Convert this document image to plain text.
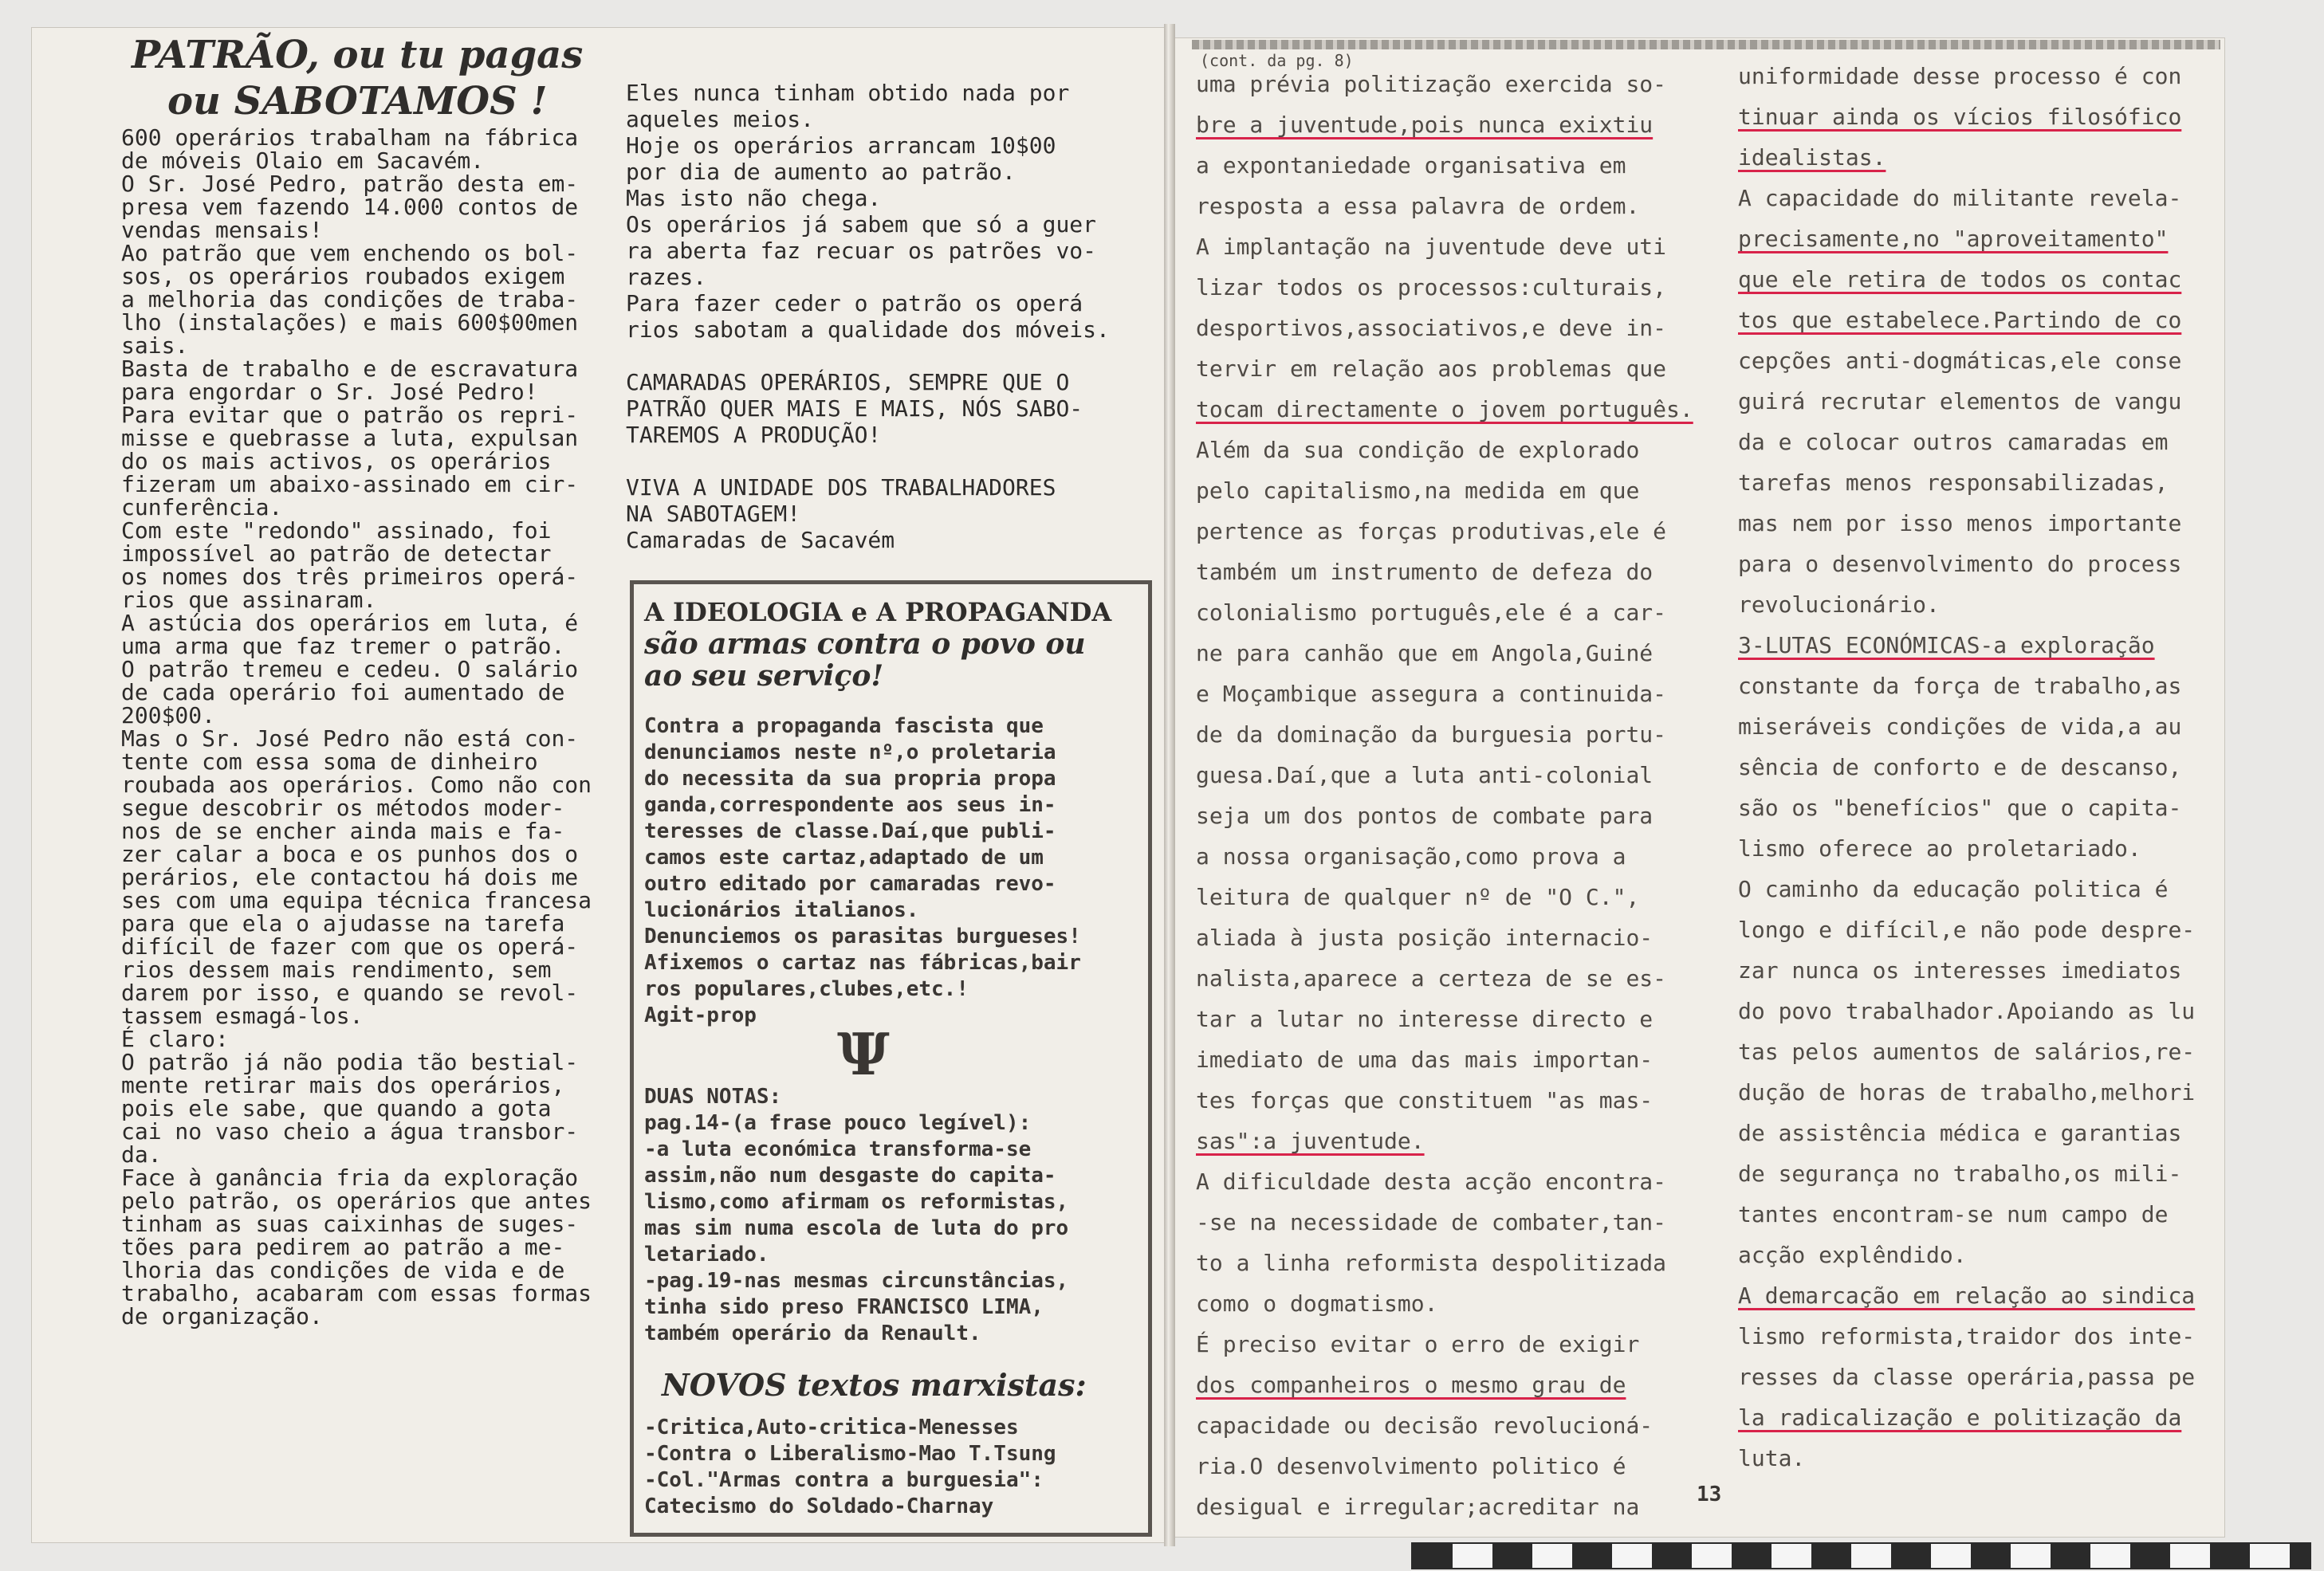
PATRÃO, ou tu pagas
ou SABOTAMOS !
600 operários trabalham na fábrica
de móveis Olaio em Sacavém.
O Sr. José Pedro, patrão desta em-
presa vem fazendo 14.000 contos de
vendas mensais!
Ao patrão que vem enchendo os bol-
sos, os operários roubados exigem
a melhoria das condições de traba-
lho (instalações) e mais 600$00men
sais.
Basta de trabalho e de escravatura
para engordar o Sr. José Pedro!
Para evitar que o patrão os repri-
misse e quebrasse a luta, expulsan
do os mais activos, os operários
fizeram um abaixo-assinado em cir-
cunferência.
Com este "redondo" assinado, foi
impossível ao patrão de detectar
os nomes dos três primeiros operá-
rios que assinaram.
A astúcia dos operários em luta, é
uma arma que faz tremer o patrão.
O patrão tremeu e cedeu. O salário
de cada operário foi aumentado de
200$00.
Mas o Sr. José Pedro não está con-
tente com essa soma de dinheiro
roubada aos operários. Como não con
segue descobrir os métodos moder-
nos de se encher ainda mais e fa-
zer calar a boca e os punhos dos o
perários, ele contactou há dois me
ses com uma equipa técnica francesa
para que ela o ajudasse na tarefa
difícil de fazer com que os operá-
rios dessem mais rendimento, sem
darem por isso, e quando se revol-
tassem esmagá-los.
É claro:
O patrão já não podia tão bestial-
mente retirar mais dos operários,
pois ele sabe, que quando a gota
cai no vaso cheio a água transbor-
da.
Face à ganância fria da exploração
pelo patrão, os operários que antes
tinham as suas caixinhas de suges-
tões para pedirem ao patrão a me-
lhoria das condições de vida e de
trabalho, acabaram com essas formas
de organização.
Eles nunca tinham obtido nada por
aqueles meios.
Hoje os operários arrancam 10$00
por dia de aumento ao patrão.
Mas isto não chega.
Os operários já sabem que só a guer
ra aberta faz recuar os patrões vo-
razes.
Para fazer ceder o patrão os operá
rios sabotam a qualidade dos móveis.
CAMARADAS OPERÁRIOS, SEMPRE QUE O
PATRÃO QUER MAIS E MAIS, NÓS SABO-
TAREMOS A PRODUÇÃO!
VIVA A UNIDADE DOS TRABALHADORES
NA SABOTAGEM!
Camaradas de Sacavém
A IDEOLOGIA e A PROPAGANDA
são armas contra o povo ou
ao seu serviço!
Contra a propaganda fascista que
denunciamos neste nº,o proletaria
do necessita da sua propria propa
ganda,correspondente aos seus in-
teresses de classe.Daí,que publi-
camos este cartaz,adaptado de um
outro editado por camaradas revo-
lucionários italianos.
Denunciemos os parasitas burgueses!
Afixemos o cartaz nas fábricas,bair
ros populares,clubes,etc.!
Agit-prop
Ψ
DUAS NOTAS:
pag.14-(a frase pouco legível):
-a luta económica transforma-se
assim,não num desgaste do capita-
lismo,como afirmam os reformistas,
mas sim numa escola de luta do pro
letariado.
-pag.19-nas mesmas circunstâncias,
tinha sido preso FRANCISCO LIMA,
também operário da Renault.
NOVOS textos marxistas:
-Critica,Auto-critica-Menesses
-Contra o Liberalismo-Mao T.Tsung
-Col."Armas contra a burguesia":
Catecismo do Soldado-Charnay
(cont. da pg. 8)
uma prévia politização exercida so-
bre a juventude,pois nunca exixtiu
a expontaniedade organisativa em
resposta a essa palavra de ordem.
A implantação na juventude deve uti
lizar todos os processos:culturais,
desportivos,associativos,e deve in-
tervir em relação aos problemas que
tocam directamente o jovem português.
Além da sua condição de explorado
pelo capitalismo,na medida em que
pertence as forças produtivas,ele é
também um instrumento de defeza do
colonialismo português,ele é a car-
ne para canhão que em Angola,Guiné
e Moçambique assegura a continuida-
de da dominação da burguesia portu-
guesa.Daí,que a luta anti-colonial
seja um dos pontos de combate para
a nossa organisação,como prova a
leitura de qualquer nº de "O C.",
aliada à justa posição internacio-
nalista,aparece a certeza de se es-
tar a lutar no interesse directo e
imediato de uma das mais importan-
tes forças que constituem "as mas-
sas":a juventude.
A dificuldade desta acção encontra-
-se na necessidade de combater,tan-
to a linha reformista despolitizada
como o dogmatismo.
É preciso evitar o erro de exigir
dos companheiros o mesmo grau de
capacidade ou decisão revolucioná-
ria.O desenvolvimento politico é
desigual e irregular;acreditar na
uniformidade desse processo é con
tinuar ainda os vícios filosófico
idealistas.
A capacidade do militante revela-
precisamente,no "aproveitamento"
que ele retira de todos os contac
tos que estabelece.Partindo de co
cepções anti-dogmáticas,ele conse
guirá recrutar elementos de vangu
da e colocar outros camaradas em
tarefas menos responsabilizadas,
mas nem por isso menos importante
para o desenvolvimento do process
revolucionário.
3-LUTAS ECONÓMICAS-a exploração
constante da força de trabalho,as
miseráveis condições de vida,a au
sência de conforto e de descanso,
são os "benefícios" que o capita-
lismo oferece ao proletariado.
O caminho da educação politica é
longo e difícil,e não pode despre-
zar nunca os interesses imediatos
do povo trabalhador.Apoiando as lu
tas pelos aumentos de salários,re-
dução de horas de trabalho,melhori
de assistência médica e garantias
de segurança no trabalho,os mili-
tantes encontram-se num campo de
acção explêndido.
A demarcação em relação ao sindica
lismo reformista,traidor dos inte-
resses da classe operária,passa pe
la radicalização e politização da
luta.
13
